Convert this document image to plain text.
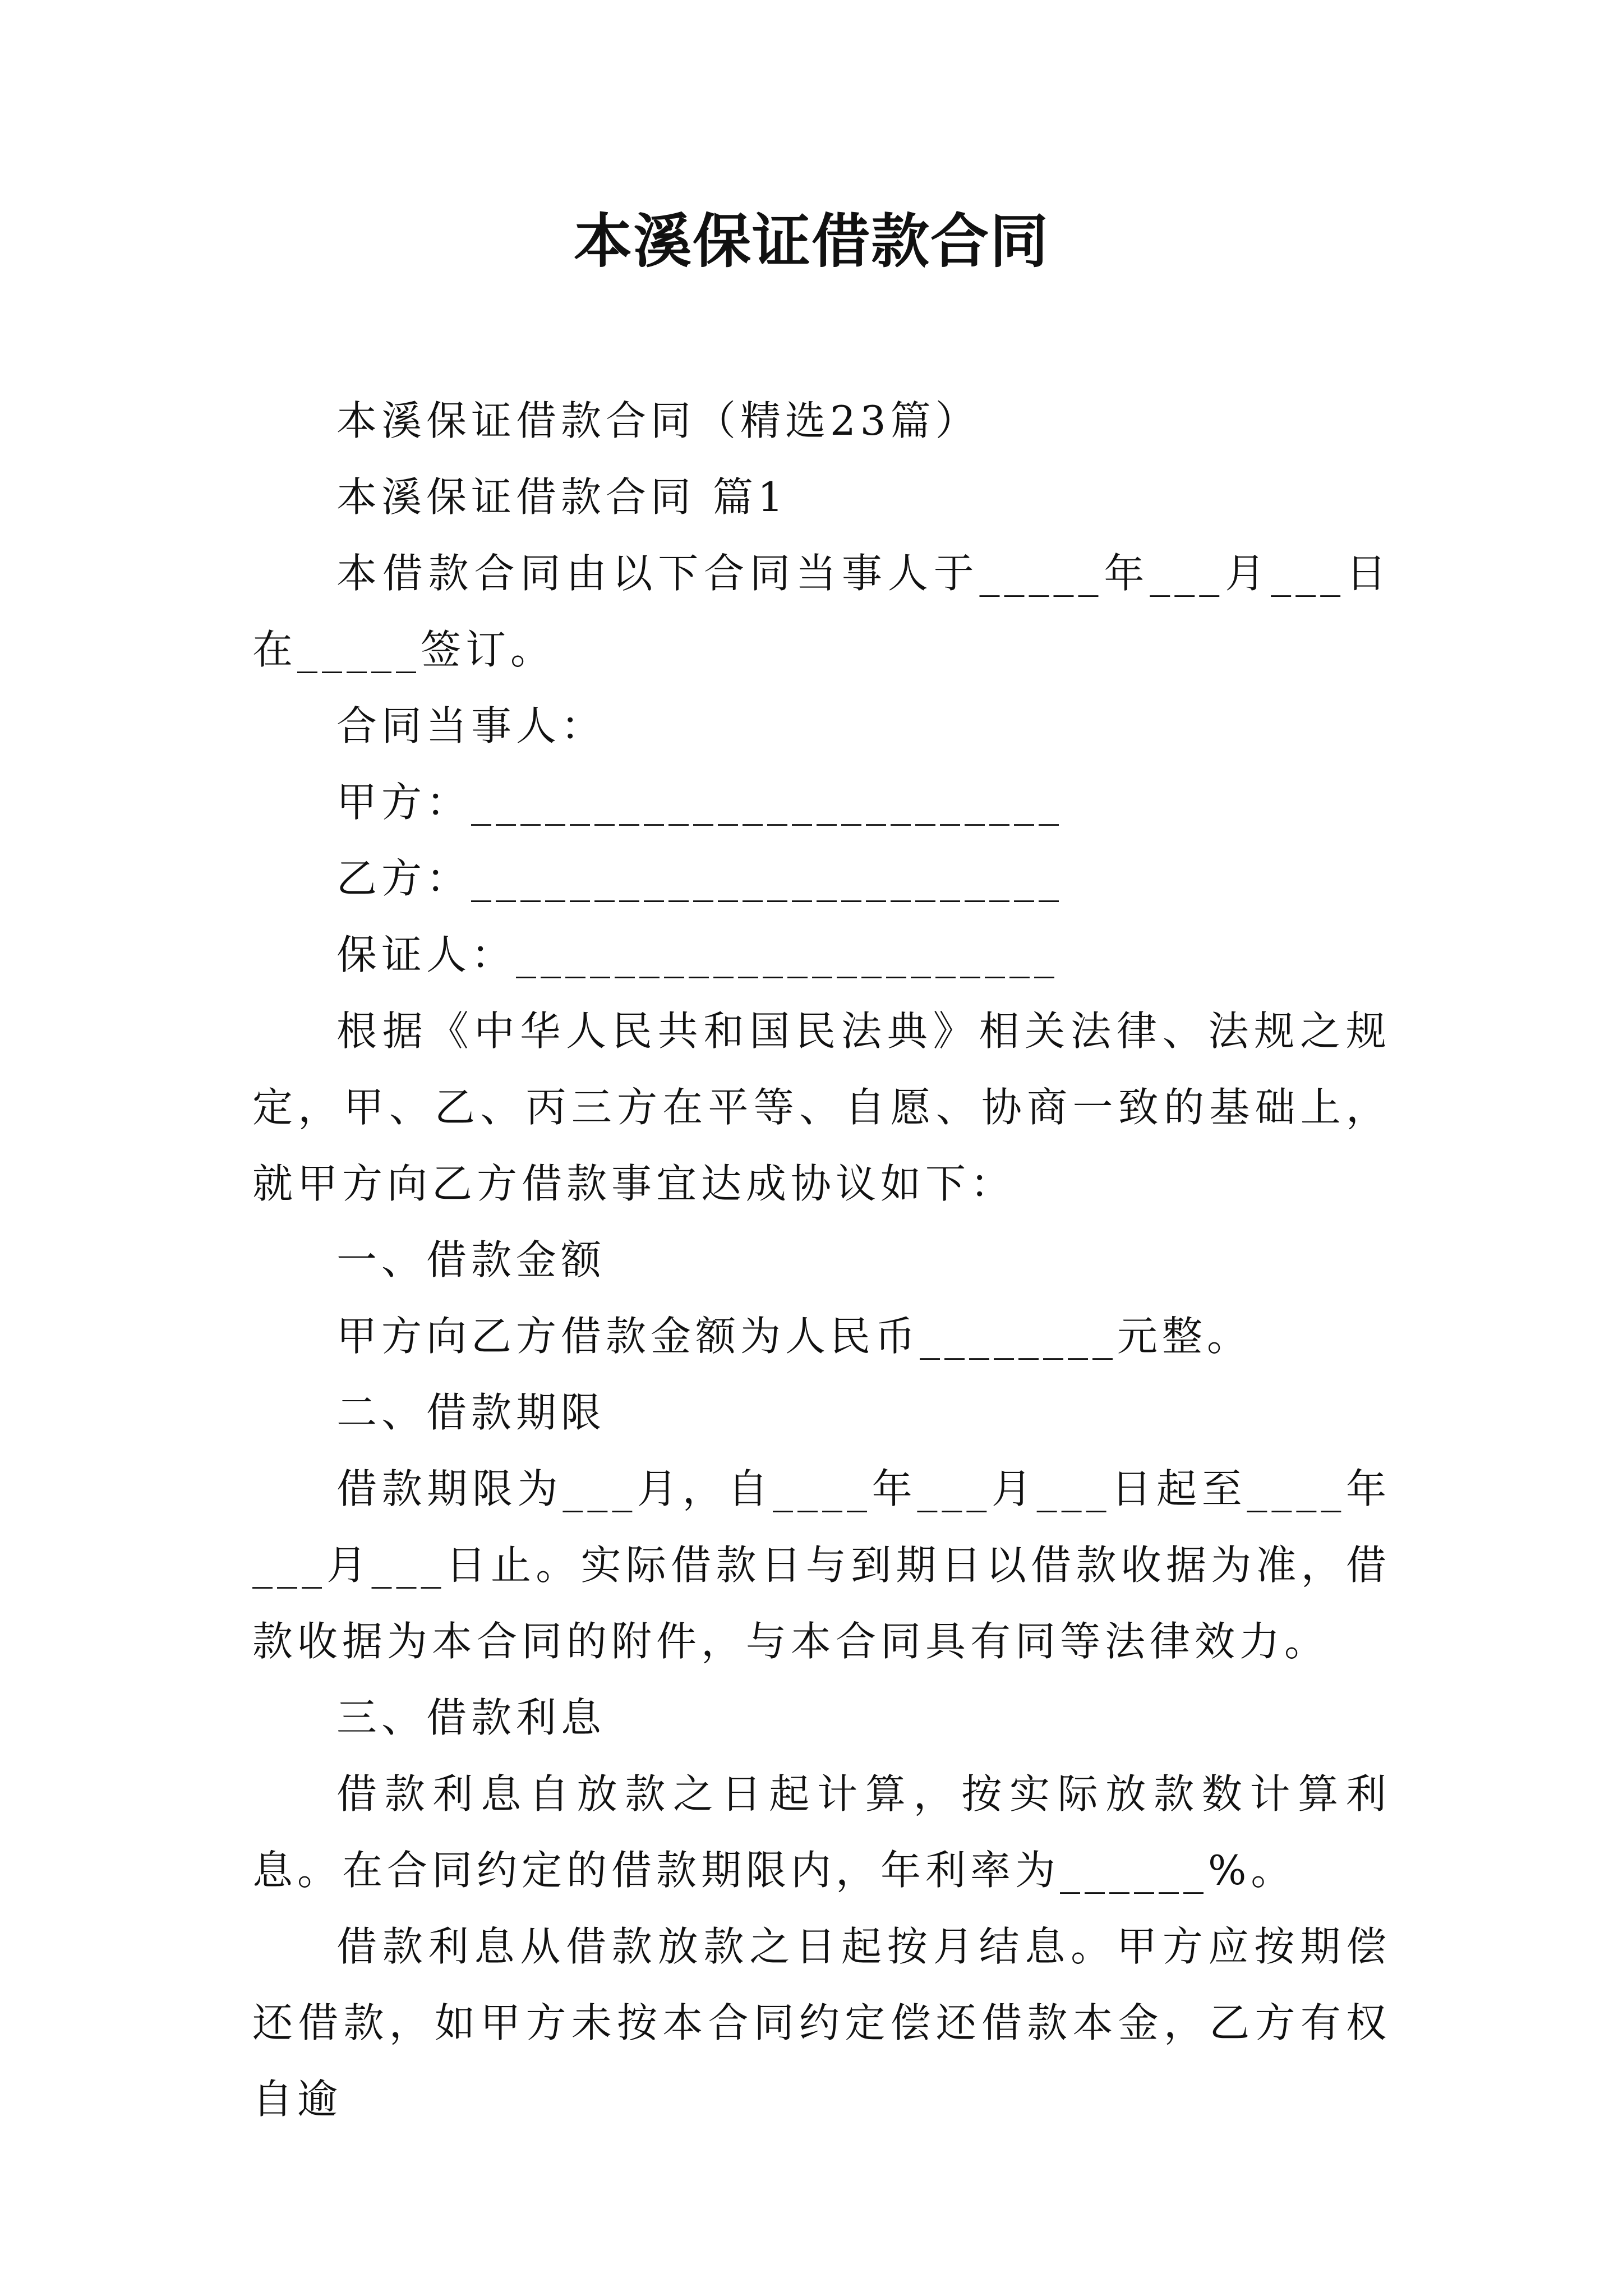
本溪保证借款合同

本溪保证借款合同（精选23篇）

本溪保证借款合同 篇1

本借款合同由以下合同当事人于_____年___月___日在_____签订。

合同当事人：

甲方：________________________

乙方：________________________

保证人：______________________

根据《中华人民共和国民法典》相关法律、法规之规定，甲、乙、丙三方在平等、自愿、协商一致的基础上，就甲方向乙方借款事宜达成协议如下：

一、借款金额

甲方向乙方借款金额为人民币________元整。

二、借款期限

借款期限为___月，自____年___月___日起至____年___月___日止。实际借款日与到期日以借款收据为准，借款收据为本合同的附件，与本合同具有同等法律效力。

三、借款利息

借款利息自放款之日起计算，按实际放款数计算利息。在合同约定的借款期限内，年利率为______%。

借款利息从借款放款之日起按月结息。甲方应按期偿还借款，如甲方未按本合同约定偿还借款本金，乙方有权自逾
